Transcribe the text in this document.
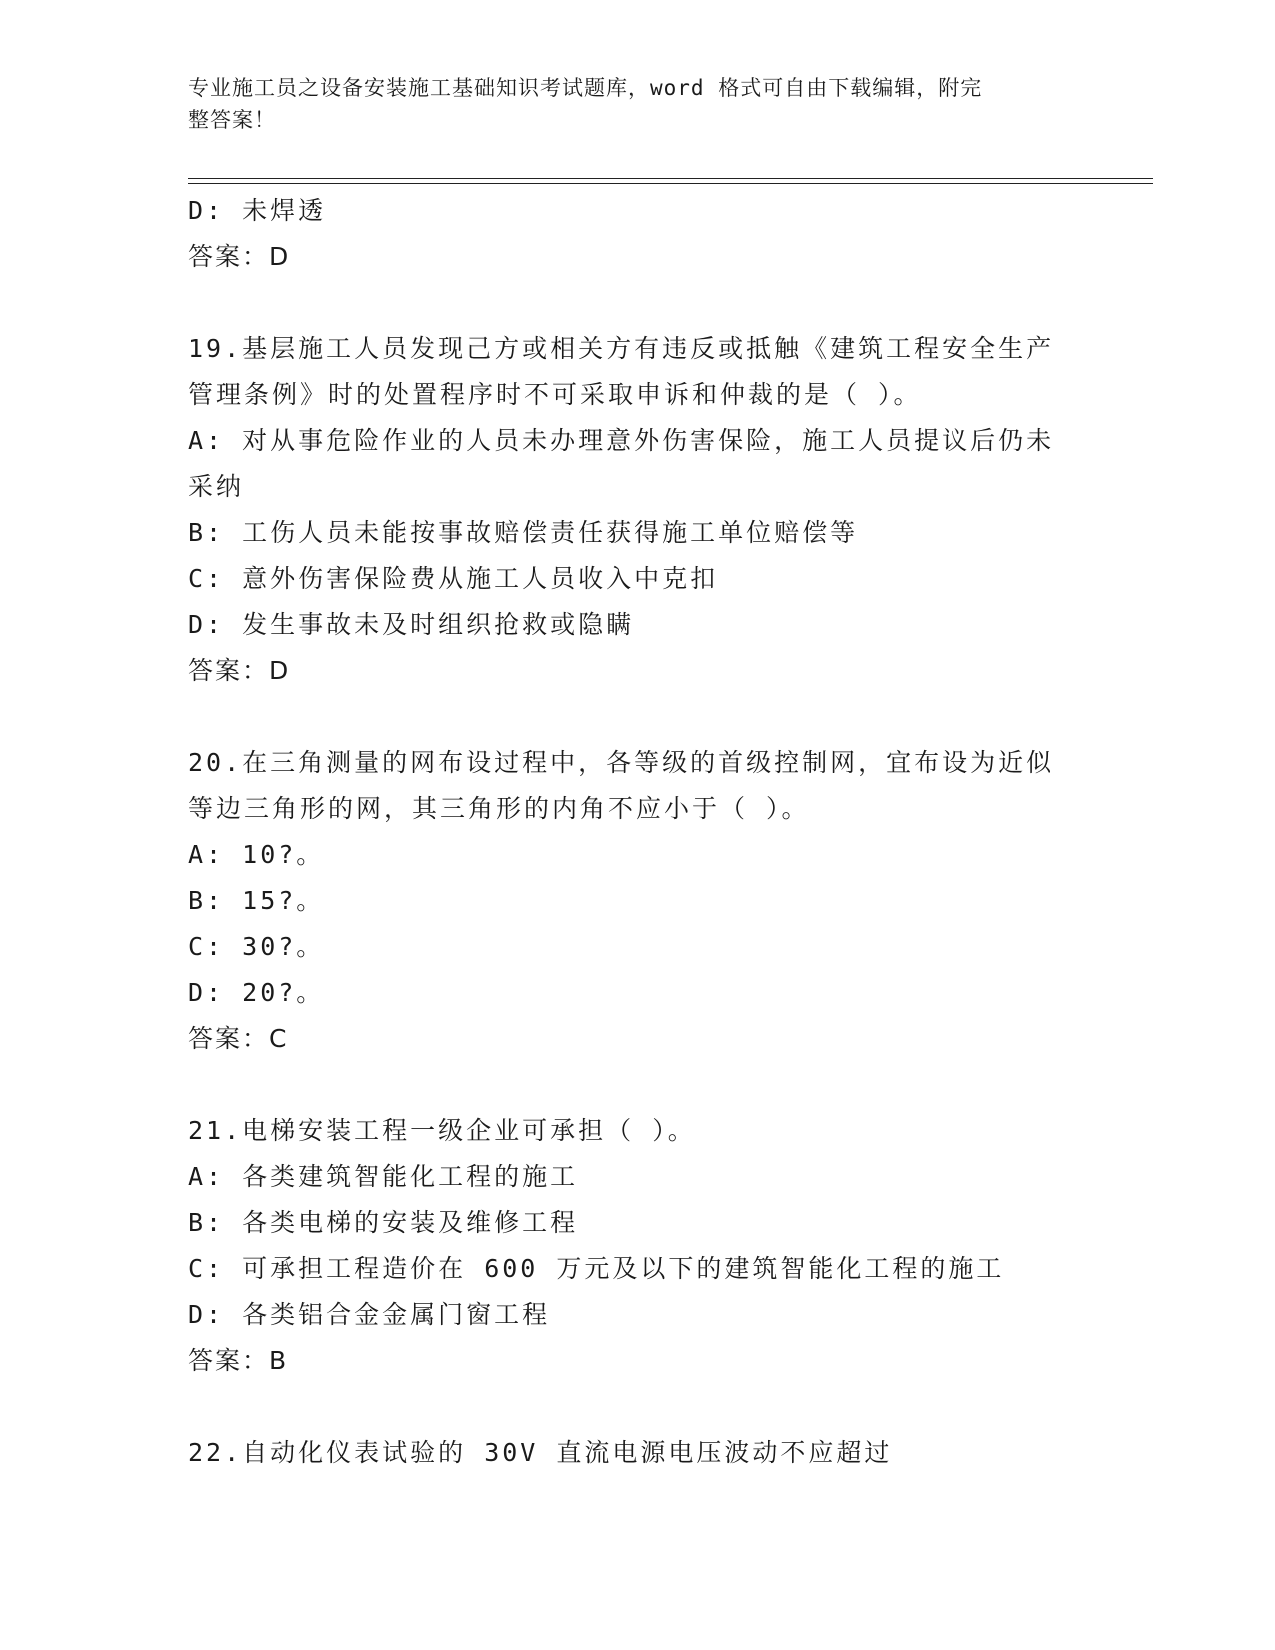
专业施工员之设备安装施工基础知识考试题库，word 格式可自由下载编辑，附完
整答案！
D: 未焊透
答案：D
19.基层施工人员发现己方或相关方有违反或抵触《建筑工程安全生产
管理条例》时的处置程序时不可采取申诉和仲裁的是（ ）。
A: 对从事危险作业的人员未办理意外伤害保险，施工人员提议后仍未
采纳
B: 工伤人员未能按事故赔偿责任获得施工单位赔偿等
C: 意外伤害保险费从施工人员收入中克扣
D: 发生事故未及时组织抢救或隐瞒
答案：D
20.在三角测量的网布设过程中，各等级的首级控制网，宜布设为近似
等边三角形的网，其三角形的内角不应小于（ ）。
A: 10?。
B: 15?。
C: 30?。
D: 20?。
答案：C
21.电梯安装工程一级企业可承担（ ）。
A: 各类建筑智能化工程的施工
B: 各类电梯的安装及维修工程
C: 可承担工程造价在 600 万元及以下的建筑智能化工程的施工
D: 各类铝合金金属门窗工程
答案：B
22.自动化仪表试验的 30V 直流电源电压波动不应超过
